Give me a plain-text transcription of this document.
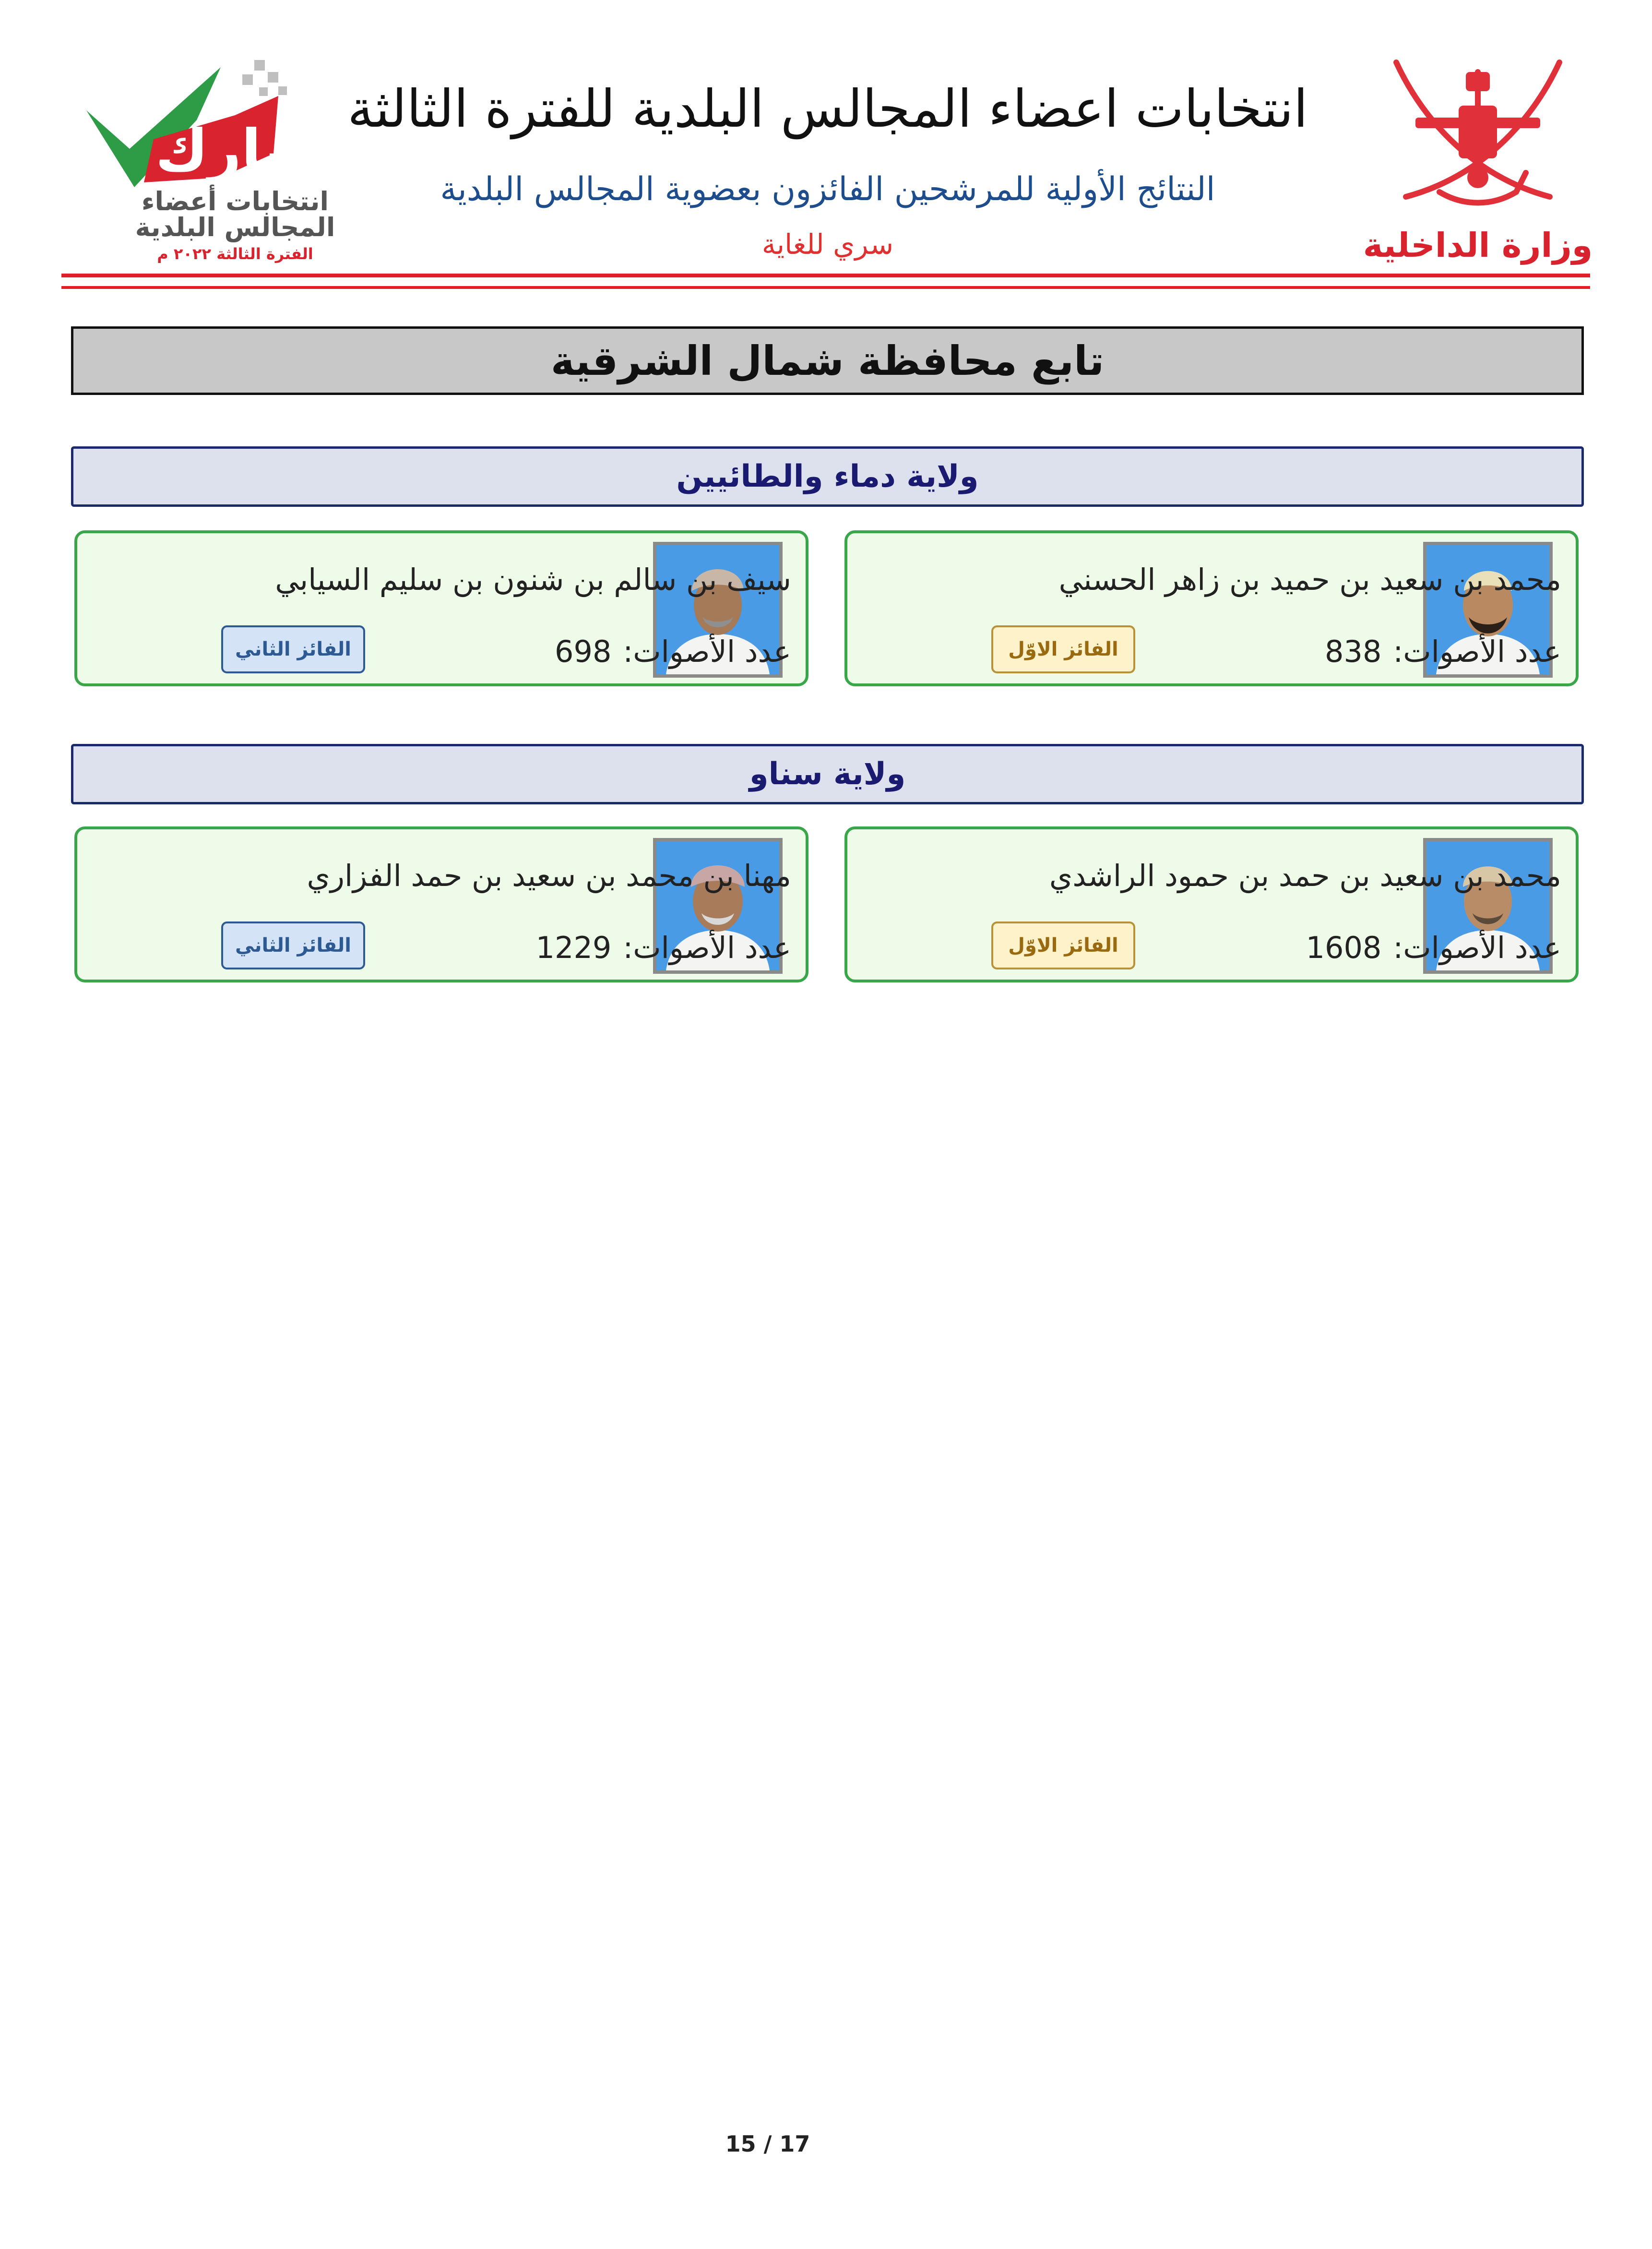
وزارة الداخلية
شارك
انتخابات أعضاء
المجالس البلدية
الفترة الثالثة ٢٠٢٢ م
انتخابات اعضاء المجالس البلدية للفترة الثالثة
النتائج الأولية للمرشحين الفائزون بعضوية المجالس البلدية
سري للغاية
تابع محافظة شمال الشرقية
ولاية دماء والطائيين
محمد بن سعيد بن حميد بن زاهر الحسني
عدد الأصوات:838
الفائز الاوّل
سيف بن سالم بن شنون بن سليم السيابي
عدد الأصوات:698
الفائز الثاني
ولاية سناو
محمد بن سعيد بن حمد بن حمود الراشدي
عدد الأصوات:1608
الفائز الاوّل
مهنا بن محمد بن سعيد بن حمد الفزاري
عدد الأصوات:1229
الفائز الثاني
15 / 17
